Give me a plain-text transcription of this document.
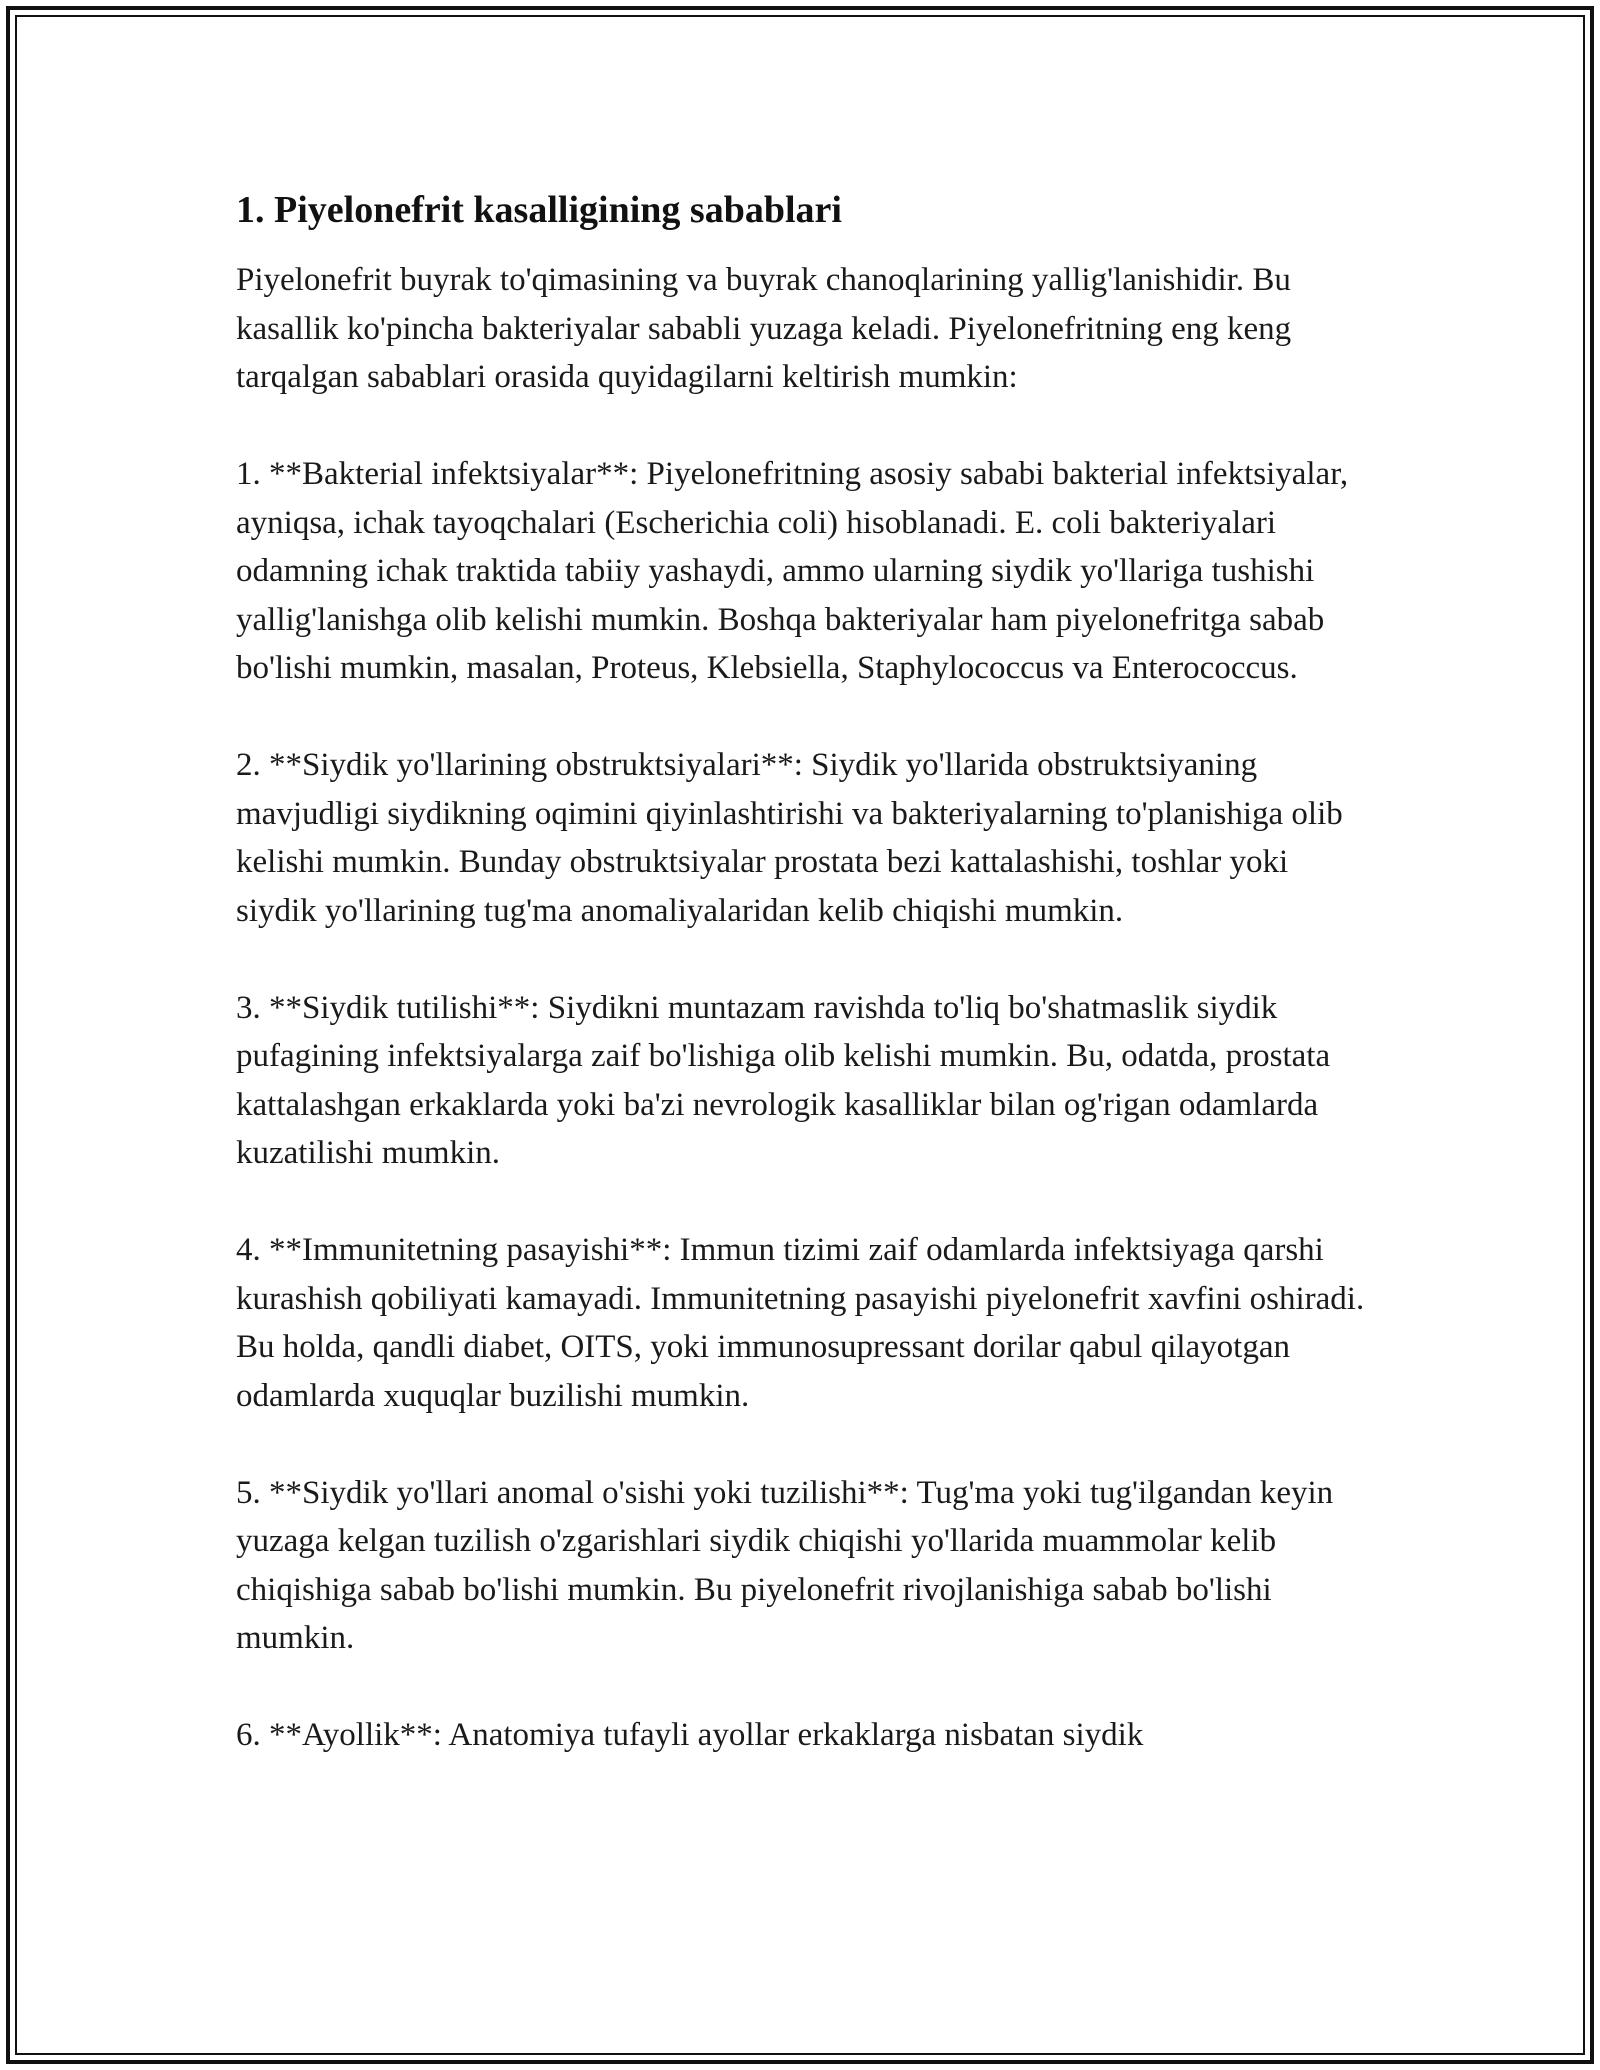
1. Piyelonefrit kasalligining sabablari

Piyelonefrit buyrak to'qimasining va buyrak chanoqlarining yallig'lanishidir. Bu kasallik ko'pincha bakteriyalar sababli yuzaga keladi. Piyelonefritning eng keng tarqalgan sabablari orasida quyidagilarni keltirish mumkin:

1. **Bakterial infektsiyalar**: Piyelonefritning asosiy sababi bakterial infektsiyalar, ayniqsa, ichak tayoqchalari (Escherichia coli) hisoblanadi. E. coli bakteriyalari odamning ichak traktida tabiiy yashaydi, ammo ularning siydik yo'llariga tushishi yallig'lanishga olib kelishi mumkin. Boshqa bakteriyalar ham piyelonefritga sabab bo'lishi mumkin, masalan, Proteus, Klebsiella, Staphylococcus va Enterococcus.

2. **Siydik yo'llarining obstruktsiyalari**: Siydik yo'llarida obstruktsiyaning mavjudligi siydikning oqimini qiyinlashtirishi va bakteriyalarning to'planishiga olib kelishi mumkin. Bunday obstruktsiyalar prostata bezi kattalashishi, toshlar yoki siydik yo'llarining tug'ma anomaliyalaridan kelib chiqishi mumkin.

3. **Siydik tutilishi**: Siydikni muntazam ravishda to'liq bo'shatmaslik siydik pufagining infektsiyalarga zaif bo'lishiga olib kelishi mumkin. Bu, odatda, prostata kattalashgan erkaklarda yoki ba'zi nevrologik kasalliklar bilan og'rigan odamlarda kuzatilishi mumkin.

4. **Immunitetning pasayishi**: Immun tizimi zaif odamlarda infektsiyaga qarshi kurashish qobiliyati kamayadi. Immunitetning pasayishi piyelonefrit xavfini oshiradi. Bu holda, qandli diabet, OITS, yoki immunosupressant dorilar qabul qilayotgan odamlarda xuquqlar buzilishi mumkin.

5. **Siydik yo'llari anomal o'sishi yoki tuzilishi**: Tug'ma yoki tug'ilgandan keyin yuzaga kelgan tuzilish o'zgarishlari siydik chiqishi yo'llarida muammolar kelib chiqishiga sabab bo'lishi mumkin. Bu piyelonefrit rivojlanishiga sabab bo'lishi mumkin.

6. **Ayollik**: Anatomiya tufayli ayollar erkaklarga nisbatan siydik
